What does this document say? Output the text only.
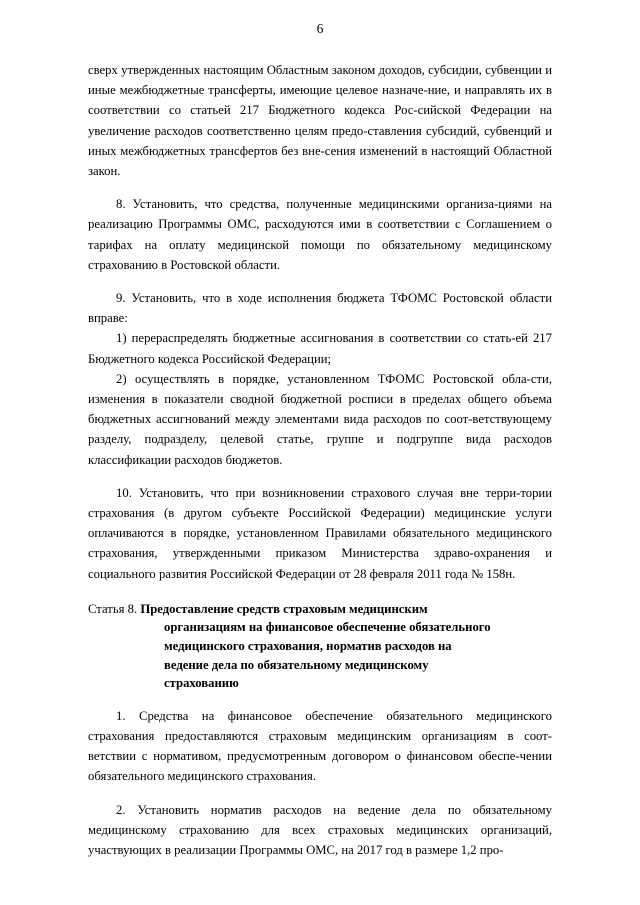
6

сверх утвержденных настоящим Областным законом доходов, субсидии, субвенции и иные межбюджетные трансферты, имеющие целевое назначе-ние, и направлять их в соответствии со статьей 217 Бюджетного кодекса Рос-сийской Федерации на увеличение расходов соответственно целям предо-ставления субсидий, субвенций и иных межбюджетных трансфертов без вне-сения изменений в настоящий Областной закон.

8. Установить, что средства, полученные медицинскими организа-циями на реализацию Программы ОМС, расходуются ими в соответствии с Соглашением о тарифах на оплату медицинской помощи по обязательному медицинскому страхованию в Ростовской области.

9. Установить, что в ходе исполнения бюджета ТФОМС Ростовской области вправе:

1) перераспределять бюджетные ассигнования в соответствии со стать-ей 217 Бюджетного кодекса Российской Федерации;

2) осуществлять в порядке, установленном ТФОМС Ростовской обла-сти, изменения в показатели сводной бюджетной росписи в пределах общего объема бюджетных ассигнований между элементами вида расходов по соот-ветствующему разделу, подразделу, целевой статье, группе и подгруппе вида расходов классификации расходов бюджетов.

10. Установить, что при возникновении страхового случая вне терри-тории страхования (в другом субъекте Российской Федерации) медицинские услуги оплачиваются в порядке, установленном Правилами обязательного медицинского страхования, утвержденными приказом Министерства здраво-охранения и социального развития Российской Федерации от 28 февраля 2011 года № 158н.

Статья 8. Предоставление средств страховым медицинским
организациям на финансовое обеспечение обязательного
медицинского страхования, норматив расходов на
ведение дела по обязательному медицинскому
страхованию

1. Средства на финансовое обеспечение обязательного медицинского страхования предоставляются страховым медицинским организациям в соот-ветствии с нормативом, предусмотренным договором о финансовом обеспе-чении обязательного медицинского страхования.

2. Установить норматив расходов на ведение дела по обязательному медицинскому страхованию для всех страховых медицинских организаций, участвующих в реализации Программы ОМС, на 2017 год в размере 1,2 про-
